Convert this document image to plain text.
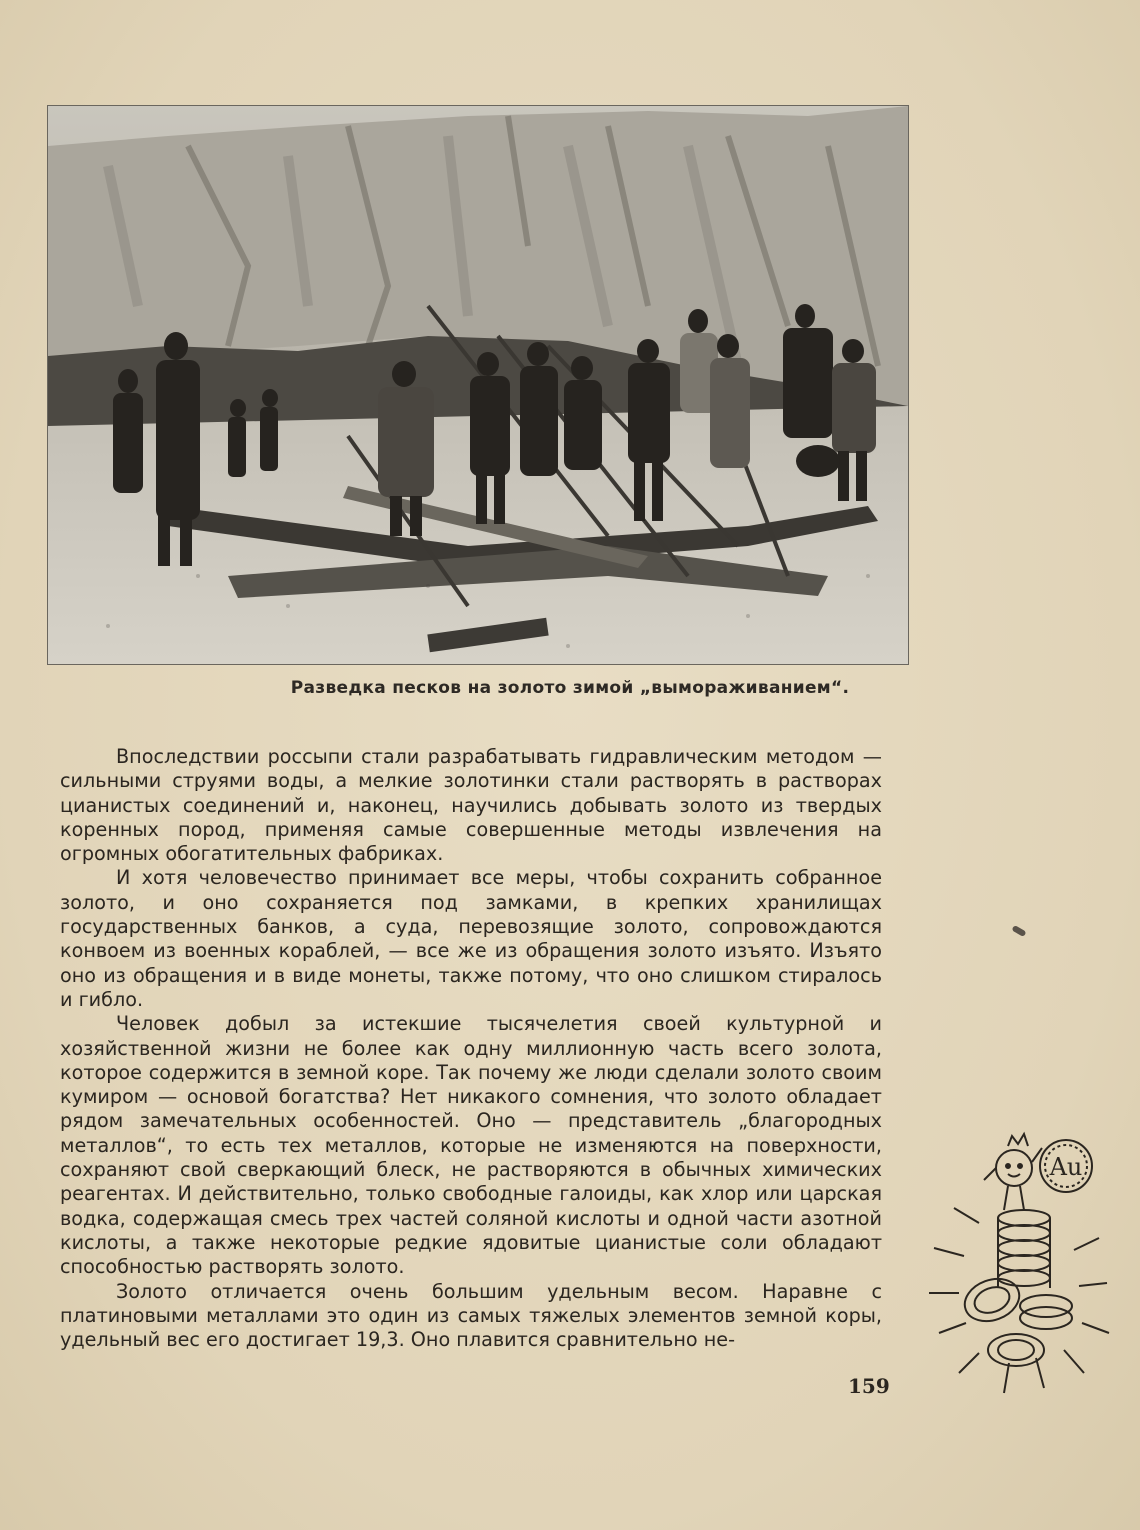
Разведка песков на золото зимой „вымораживанием“.

Впоследствии россыпи стали разрабатывать гидравлическим методом — сильными струями воды, а мелкие золотинки стали растворять в растворах цианистых соединений и, наконец, научились добывать золото из твердых коренных пород, применяя самые совершенные методы извлечения на огромных обогатительных фабриках.

И хотя человечество принимает все меры, чтобы сохранить собранное золото, и оно сохраняется под замками, в крепких хранилищах государственных банков, а суда, перевозящие золото, сопровождаются конвоем из военных кораблей, — все же из обращения золото изъято. Изъято оно из обращения и в виде монеты, также потому, что оно слишком стиралось и гибло.

Человек добыл за истекшие тысячелетия своей культурной и хозяйственной жизни не более как одну миллионную часть всего золота, которое содержится в земной коре. Так почему же люди сделали золото своим кумиром — основой богатства? Нет никакого сомнения, что золото обладает рядом замечательных особенностей. Оно — представитель „благородных металлов“, то есть тех металлов, которые не изменяются на поверхности, сохраняют свой сверкающий блеск, не растворяются в обычных химических реагентах. И действительно, только свободные галоиды, как хлор или царская водка, содержащая смесь трех частей соляной кислоты и одной части азотной кислоты, а также некоторые редкие ядовитые цианистые соли обладают способностью растворять золото.

Золото отличается очень большим удельным весом. Наравне с платиновыми металлами это один из самых тяжелых элементов земной коры, удельный вес его достигает 19,3. Оно плавится сравнительно не-

159
Au
